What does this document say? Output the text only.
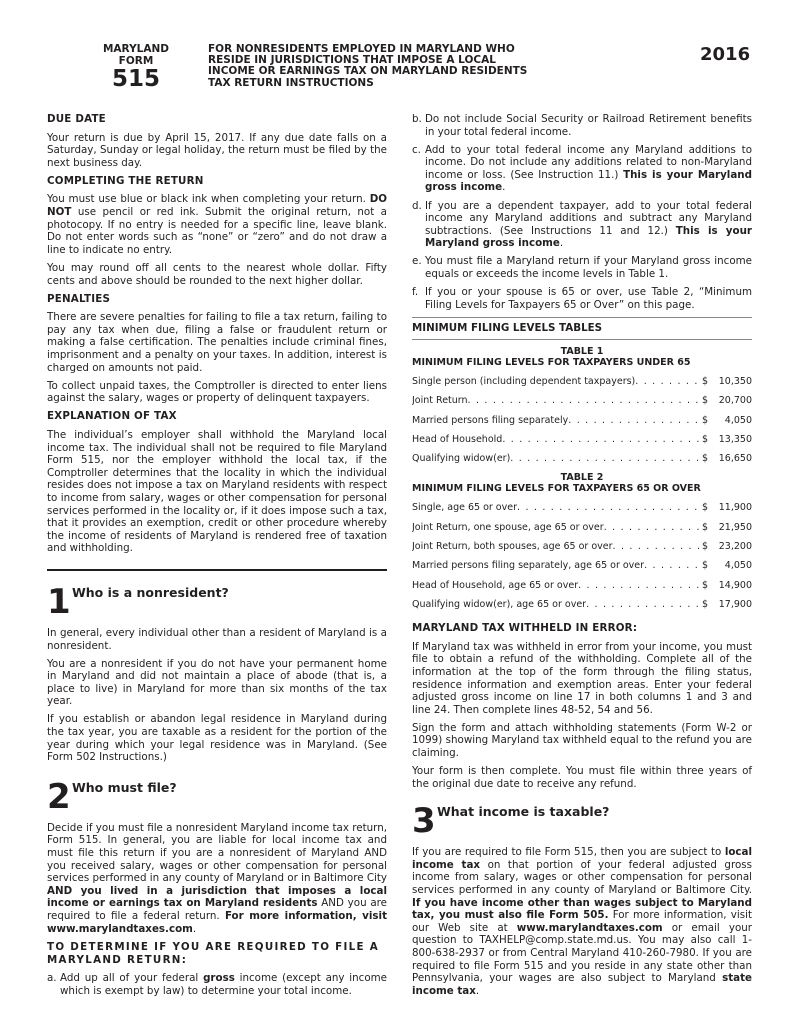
MARYLAND
FORM
515
FOR NONRESIDENTS EMPLOYED IN MARYLAND WHO
RESIDE IN JURISDICTIONS THAT IMPOSE A LOCAL
INCOME OR EARNINGS TAX ON MARYLAND RESIDENTS
TAX RETURN INSTRUCTIONS
2016
DUE DATE

Your return is due by April 15, 2017. If any due date falls on a Saturday, Sunday or legal holiday, the return must be filed by the next business day.

COMPLETING THE RETURN

You must use blue or black ink when completing your return. DO NOT use pencil or red ink. Submit the original return, not a photocopy. If no entry is needed for a specific line, leave blank. Do not enter words such as “none” or “zero” and do not draw a line to indicate no entry.

You may round off all cents to the nearest whole dollar. Fifty cents and above should be rounded to the next higher dollar.

PENALTIES

There are severe penalties for failing to file a tax return, failing to pay any tax when due, filing a false or fraudulent return or making a false certification. The penalties include criminal fines, imprisonment and a penalty on your taxes. In addition, interest is charged on amounts not paid.

To collect unpaid taxes, the Comptroller is directed to enter liens against the salary, wages or property of delinquent taxpayers.

EXPLANATION OF TAX

The individual’s employer shall withhold the Maryland local income tax. The individual shall not be required to file Maryland Form 515, nor the employer withhold the local tax, if the Comptroller determines that the locality in which the individual resides does not impose a tax on Maryland residents with respect to income from salary, wages or other compensation for personal services performed in the locality or, if it does impose such a tax, that it provides an exemption, credit or other procedure whereby the income of residents of Maryland is rendered free of taxation and withholding.

1 Who is a nonresident?

In general, every individual other than a resident of Maryland is a nonresident.

You are a nonresident if you do not have your permanent home in Maryland and did not maintain a place of abode (that is, a place to live) in Maryland for more than six months of the tax year.

If you establish or abandon legal residence in Maryland during the tax year, you are taxable as a resident for the portion of the year during which your legal residence was in Maryland. (See Form 502 Instructions.)

2 Who must file?

Decide if you must file a nonresident Maryland income tax return, Form 515. In general, you are liable for local income tax and must file this return if you are a nonresident of Maryland AND you received salary, wages or other compensation for personal services performed in any county of Maryland or in Baltimore City AND you lived in a jurisdiction that imposes a local income or earnings tax on Maryland residents AND you are required to file a federal return. For more information, visit www.marylandtaxes.com.

TO DETERMINE IF YOU ARE REQUIRED TO FILE A MARYLAND RETURN:
a. Add up all of your federal gross income (except any income which is exempt by law) to determine your total income.
b. Do not include Social Security or Railroad Retirement benefits in your total federal income.
c. Add to your total federal income any Maryland additions to income. Do not include any additions related to non-Maryland income or loss. (See Instruction 11.) This is your Maryland gross income.
d. If you are a dependent taxpayer, add to your total federal income any Maryland additions and subtract any Maryland subtractions. (See Instructions 11 and 12.) This is your Maryland gross income.
e. You must file a Maryland return if your Maryland gross income equals or exceeds the income levels in Table 1.
f. If you or your spouse is 65 or over, use Table 2, “Minimum Filing Levels for Taxpayers 65 or Over” on this page.
MINIMUM FILING LEVELS TABLES
TABLE 1
MINIMUM FILING LEVELS FOR TAXPAYERS UNDER 65
Single person (including dependent taxpayers) . . .	$	10,350
Joint Return . . .	$	20,700
Married persons filing separately . . .	$	4,050
Head of Household . . .	$	13,350
Qualifying widow(er) . . .	$	16,650
TABLE 2
MINIMUM FILING LEVELS FOR TAXPAYERS 65 OR OVER
Single, age 65 or over . . .	$	11,900
Joint Return, one spouse, age 65 or over . . .	$	21,950
Joint Return, both spouses, age 65 or over . . .	$	23,200
Married persons filing separately, age 65 or over . . .	$	4,050
Head of Household, age 65 or over . . .	$	14,900
Qualifying widow(er), age 65 or over . . .	$	17,900
MARYLAND TAX WITHHELD IN ERROR:

If Maryland tax was withheld in error from your income, you must file to obtain a refund of the withholding. Complete all of the information at the top of the form through the filing status, residence information and exemption areas. Enter your federal adjusted gross income on line 17 in both columns 1 and 3 and line 24. Then complete lines 48-52, 54 and 56.

Sign the form and attach withholding statements (Form W-2 or 1099) showing Maryland tax withheld equal to the refund you are claiming.

Your form is then complete. You must file within three years of the original due date to receive any refund.

3 What income is taxable?

If you are required to file Form 515, then you are subject to local income tax on that portion of your federal adjusted gross income from salary, wages or other compensation for personal services performed in any county of Maryland or Baltimore City. If you have income other than wages subject to Maryland tax, you must also file Form 505. For more information, visit our Web site at www.marylandtaxes.com or email your question to TAXHELP@comp.state.md.us. You may also call 1-800-638-2937 or from Central Maryland 410-260-7980. If you are required to file Form 515 and you reside in any state other than Pennsylvania, your wages are also subject to Maryland state income tax.
